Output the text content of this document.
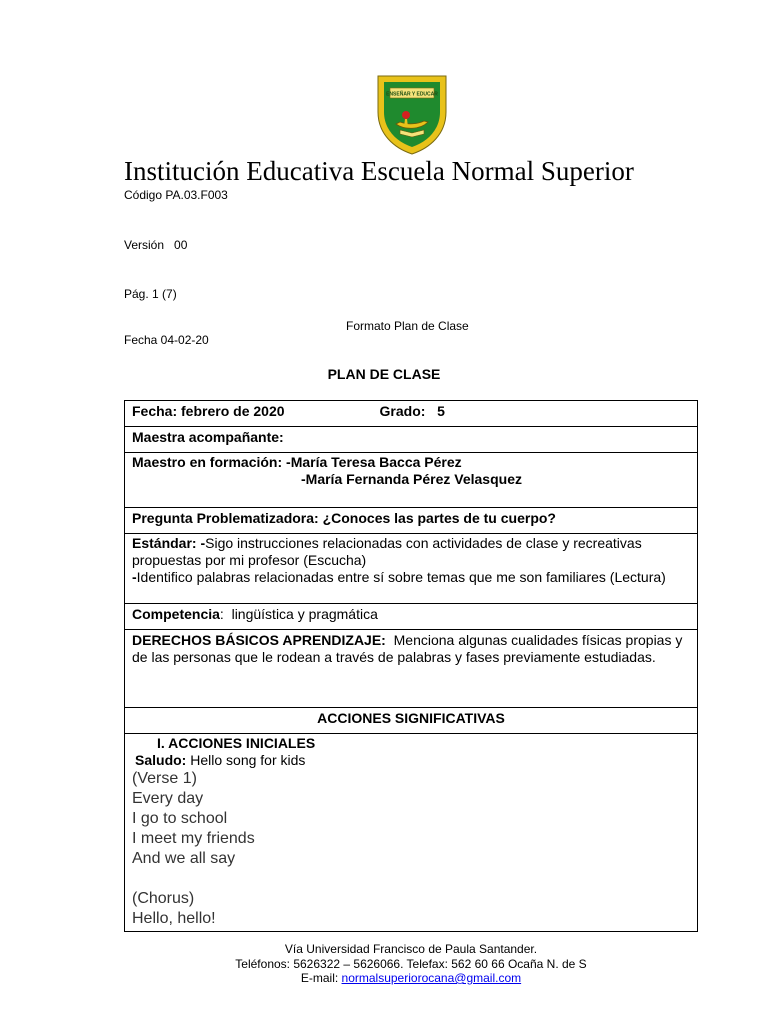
ENSEÑAR Y EDUCAR
Institución Educativa Escuela Normal Superior
Código PA.03.F003
Versión   00
Pág. 1 (7)
Formato Plan de Clase
Fecha 04-02-20
PLAN DE CLASE
Fecha: febrero de 2020	Grado:   5
Maestra acompañante:

Maestro en formación: -María Teresa Bacca Pérez
-María Fernanda Pérez Velasquez

Pregunta Problematizadora: ¿Conoces las partes de tu cuerpo?

Estándar: -Sigo instrucciones relacionadas con actividades de clase y recreativas propuestas por mi profesor (Escucha)
-Identifico palabras relacionadas entre sí sobre temas que me son familiares (Lectura)

Competencia:  lingüística y pragmática
DERECHOS BÁSICOS APRENDIZAJE:  Menciona algunas cualidades físicas propias y de las personas que le rodean a través de palabras y fases previamente estudiadas.
ACCIONES SIGNIFICATIVAS

I. ACCIONES INICIALES
Saludo: Hello song for kids
(Verse 1)
Every day
I go to school
I meet my friends
And we all say
(Chorus)
Hello, hello!
Vía Universidad Francisco de Paula Santander.
Teléfonos: 5626322 – 5626066. Telefax: 562 60 66 Ocaña N. de S
E-mail: normalsuperiorocana@gmail.com
